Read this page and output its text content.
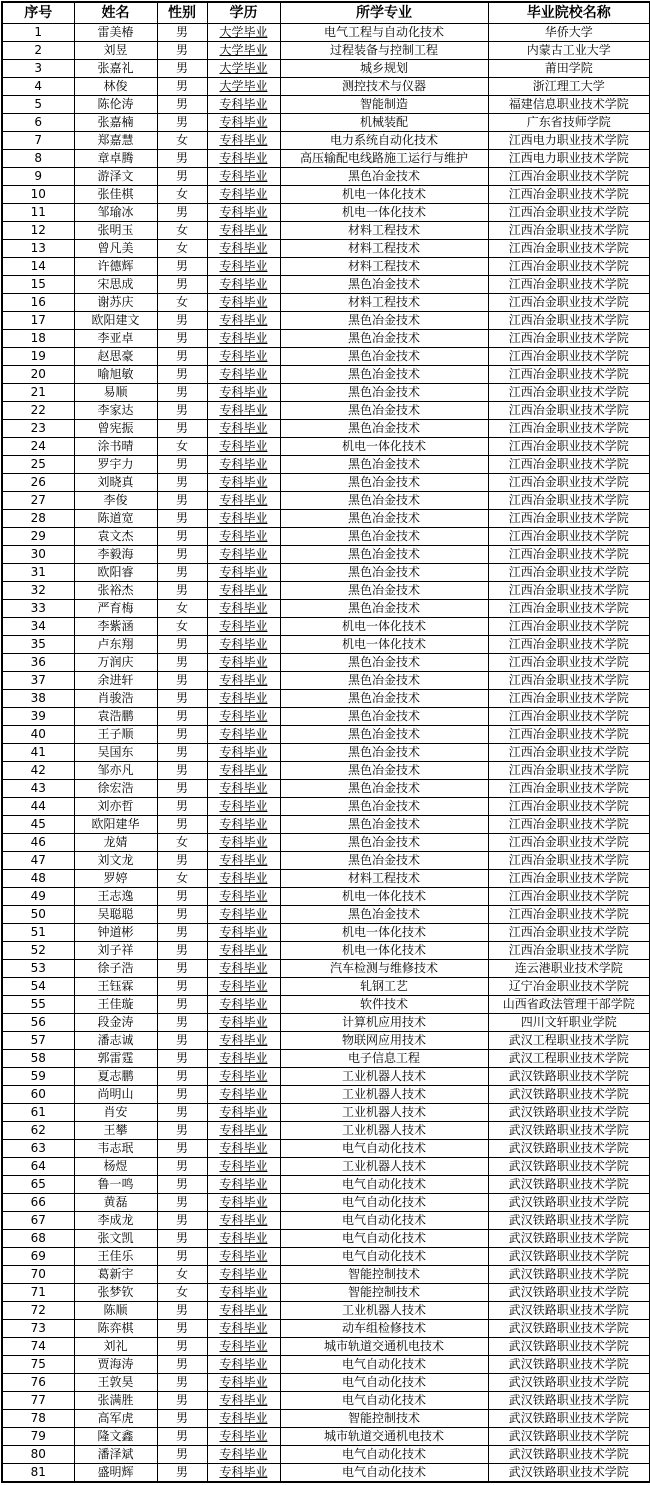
序号	姓名	性别	学历	所学专业	毕业院校名称
1	雷美椿	男	大学毕业	电气工程与自动化技术	华侨大学
2	刘昱	男	大学毕业	过程装备与控制工程	内蒙古工业大学
3	张嘉礼	男	大学毕业	城乡规划	莆田学院
4	林俊	男	大学毕业	测控技术与仪器	浙江理工大学
5	陈伦涛	男	专科毕业	智能制造	福建信息职业技术学院
6	张嘉楠	男	专科毕业	机械装配	广东省技师学院
7	郑嘉慧	女	专科毕业	电力系统自动化技术	江西电力职业技术学院
8	章卓腾	男	专科毕业	高压输配电线路施工运行与维护	江西电力职业技术学院
9	游泽文	男	专科毕业	黑色冶金技术	江西冶金职业技术学院
10	张佳棋	女	专科毕业	机电一体化技术	江西冶金职业技术学院
11	邹瑜冰	男	专科毕业	机电一体化技术	江西冶金职业技术学院
12	张明玉	女	专科毕业	材料工程技术	江西冶金职业技术学院
13	曾凡美	女	专科毕业	材料工程技术	江西冶金职业技术学院
14	许德辉	男	专科毕业	材料工程技术	江西冶金职业技术学院
15	宋思成	男	专科毕业	黑色冶金技术	江西冶金职业技术学院
16	谢苏庆	女	专科毕业	材料工程技术	江西冶金职业技术学院
17	欧阳建文	男	专科毕业	黑色冶金技术	江西冶金职业技术学院
18	李亚卓	男	专科毕业	黑色冶金技术	江西冶金职业技术学院
19	赵思豪	男	专科毕业	黑色冶金技术	江西冶金职业技术学院
20	喻旭敏	男	专科毕业	黑色冶金技术	江西冶金职业技术学院
21	易顺	男	专科毕业	黑色冶金技术	江西冶金职业技术学院
22	李家达	男	专科毕业	黑色冶金技术	江西冶金职业技术学院
23	曾宪振	男	专科毕业	黑色冶金技术	江西冶金职业技术学院
24	涂书晴	女	专科毕业	机电一体化技术	江西冶金职业技术学院
25	罗宇力	男	专科毕业	黑色冶金技术	江西冶金职业技术学院
26	刘晓真	男	专科毕业	黑色冶金技术	江西冶金职业技术学院
27	李俊	男	专科毕业	黑色冶金技术	江西冶金职业技术学院
28	陈道宽	男	专科毕业	黑色冶金技术	江西冶金职业技术学院
29	袁文杰	男	专科毕业	黑色冶金技术	江西冶金职业技术学院
30	李毅海	男	专科毕业	黑色冶金技术	江西冶金职业技术学院
31	欧阳睿	男	专科毕业	黑色冶金技术	江西冶金职业技术学院
32	张裕杰	男	专科毕业	黑色冶金技术	江西冶金职业技术学院
33	严育梅	女	专科毕业	黑色冶金技术	江西冶金职业技术学院
34	李紫涵	女	专科毕业	机电一体化技术	江西冶金职业技术学院
35	卢东翔	男	专科毕业	机电一体化技术	江西冶金职业技术学院
36	万润庆	男	专科毕业	黑色冶金技术	江西冶金职业技术学院
37	余进轩	男	专科毕业	黑色冶金技术	江西冶金职业技术学院
38	肖骏浩	男	专科毕业	黑色冶金技术	江西冶金职业技术学院
39	袁浩鹏	男	专科毕业	黑色冶金技术	江西冶金职业技术学院
40	王子顺	男	专科毕业	黑色冶金技术	江西冶金职业技术学院
41	吴国东	男	专科毕业	黑色冶金技术	江西冶金职业技术学院
42	邹亦凡	男	专科毕业	黑色冶金技术	江西冶金职业技术学院
43	徐宏浩	男	专科毕业	黑色冶金技术	江西冶金职业技术学院
44	刘亦哲	男	专科毕业	黑色冶金技术	江西冶金职业技术学院
45	欧阳建华	男	专科毕业	黑色冶金技术	江西冶金职业技术学院
46	龙婧	女	专科毕业	黑色冶金技术	江西冶金职业技术学院
47	刘文龙	男	专科毕业	黑色冶金技术	江西冶金职业技术学院
48	罗婷	女	专科毕业	材料工程技术	江西冶金职业技术学院
49	王志逸	男	专科毕业	机电一体化技术	江西冶金职业技术学院
50	吴聪聪	男	专科毕业	黑色冶金技术	江西冶金职业技术学院
51	钟道彬	男	专科毕业	机电一体化技术	江西冶金职业技术学院
52	刘子祥	男	专科毕业	机电一体化技术	江西冶金职业技术学院
53	徐子浩	男	专科毕业	汽车检测与维修技术	连云港职业技术学院
54	王钰霖	男	专科毕业	轧钢工艺	辽宁冶金职业技术学院
55	王佳璇	男	专科毕业	软件技术	山西省政法管理干部学院
56	段金涛	男	专科毕业	计算机应用技术	四川文轩职业学院
57	潘志诚	男	专科毕业	物联网应用技术	武汉工程职业技术学院
58	郭雷霆	男	专科毕业	电子信息工程	武汉工程职业技术学院
59	夏志鹏	男	专科毕业	工业机器人技术	武汉铁路职业技术学院
60	尚明山	男	专科毕业	工业机器人技术	武汉铁路职业技术学院
61	肖安	男	专科毕业	工业机器人技术	武汉铁路职业技术学院
62	王攀	男	专科毕业	工业机器人技术	武汉铁路职业技术学院
63	韦志珉	男	专科毕业	电气自动化技术	武汉铁路职业技术学院
64	杨煜	男	专科毕业	工业机器人技术	武汉铁路职业技术学院
65	鲁一鸣	男	专科毕业	电气自动化技术	武汉铁路职业技术学院
66	黄磊	男	专科毕业	电气自动化技术	武汉铁路职业技术学院
67	李成龙	男	专科毕业	电气自动化技术	武汉铁路职业技术学院
68	张文凯	男	专科毕业	电气自动化技术	武汉铁路职业技术学院
69	王佳乐	男	专科毕业	电气自动化技术	武汉铁路职业技术学院
70	葛新宇	女	专科毕业	智能控制技术	武汉铁路职业技术学院
71	张梦钦	女	专科毕业	智能控制技术	武汉铁路职业技术学院
72	陈顺	男	专科毕业	工业机器人技术	武汉铁路职业技术学院
73	陈弈棋	男	专科毕业	动车组检修技术	武汉铁路职业技术学院
74	刘礼	男	专科毕业	城市轨道交通机电技术	武汉铁路职业技术学院
75	贾海涛	男	专科毕业	电气自动化技术	武汉铁路职业技术学院
76	王敦昊	男	专科毕业	电气自动化技术	武汉铁路职业技术学院
77	张满胜	男	专科毕业	电气自动化技术	武汉铁路职业技术学院
78	高军虎	男	专科毕业	智能控制技术	武汉铁路职业技术学院
79	隆文鑫	男	专科毕业	城市轨道交通机电技术	武汉铁路职业技术学院
80	潘泽斌	男	专科毕业	电气自动化技术	武汉铁路职业技术学院
81	盛明辉	男	专科毕业	电气自动化技术	武汉铁路职业技术学院
